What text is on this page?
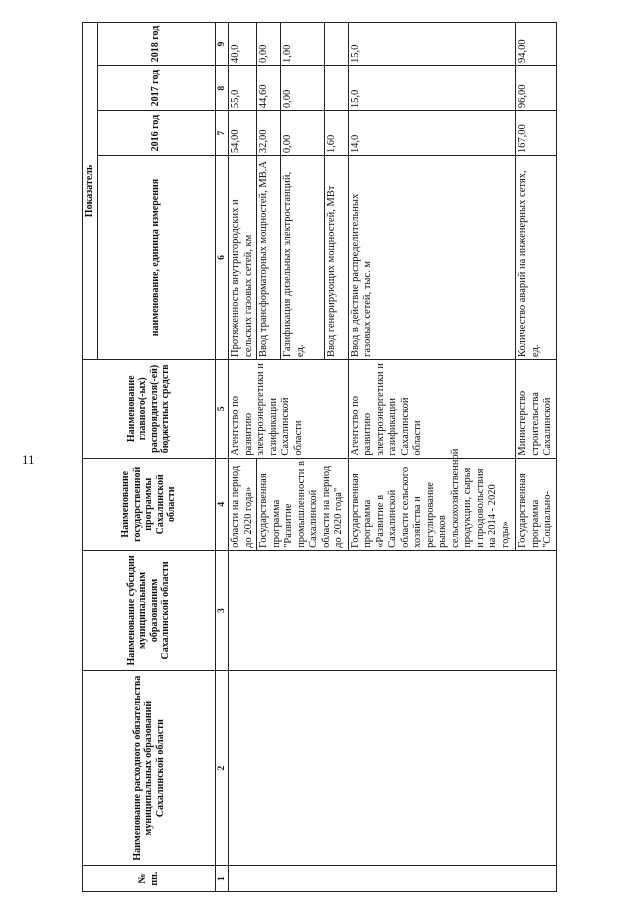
11
№ пп.	Наименование расходного обязательства муниципальных образований Сахалинской области	Наименование субсидии муниципальным образованиям Сахалинской области	Наименование государственной программы Сахалинской области	Наименование главного(-ых) распорядителя(-ей) бюджетных средств	Показатель			
					наименование, единица измерения	2016 год	2017 год	2018 год
1	2	3	4	5	6	7	8	9
			области на период до 2020 года»	Агентство по развитию электроэнергетики и газификации Сахалинской области	Протяженность внутригородских и сельских газовых сетей, км	54,00	55,0	40,0
			Государственная программа "Развитие промышленности в Сахалинской области на период до 2020 года"		Ввод трансформаторных мощностей, МВ.А	32,00	44,60	0,00
					Газификация дизельных электростанций, ед.	0,00	0,00	1,00
					Ввод генерирующих мощностей, МВт	1,60		
			Государственная программа «Развитие в Сахалинской области сельского хозяйства и регулирование рынков сельскохозяйственной продукции, сырья и продовольствия на 2014 - 2020 годы»	Агентство по развитию электроэнергетики и газификации Сахалинской области	Ввод в действие распределительных газовых сетей, тыс. м	14,0	15,0	15,0
			Государственная программа "Социально-	Министерство строительства Сахалинской	Количество аварий на инженерных сетях, ед.	167,00	96,00	94,00
